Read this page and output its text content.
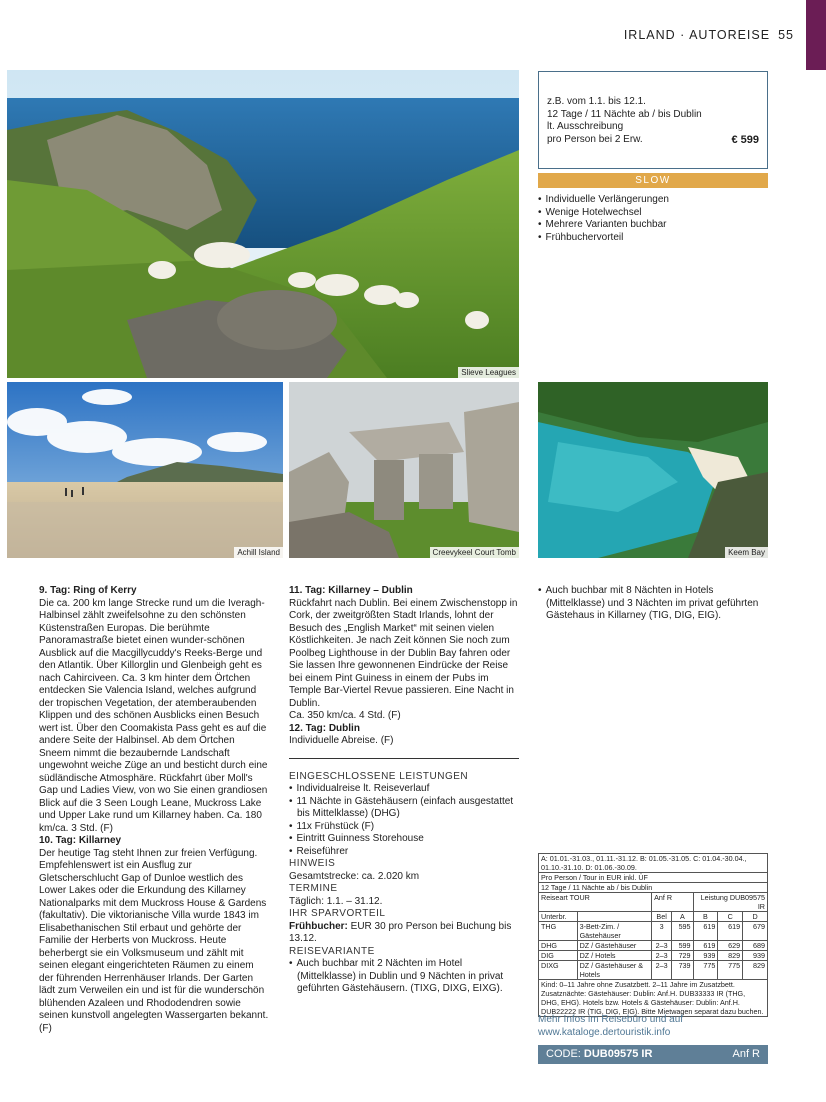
IRLAND · AUTOREISE 55
Slieve Leagues
Achill Island	Creevykeel Court Tomb	Keem Bay
z.B. vom 1.1. bis 12.1.
12 Tage / 11 Nächte ab / bis Dublin
lt. Ausschreibung
pro Person bei 2 Erw.	€ 599
SLOW
• Individuelle Verlängerungen
• Wenige Hotelwechsel
• Mehrere Varianten buchbar
• Frühbuchervorteil
9. Tag: Ring of Kerry

Die ca. 200 km lange Strecke rund um die Iveragh-Halbinsel zählt zweifelsohne zu den schönsten Küstenstraßen Europas. Die berühmte Panoramastraße bietet einen wunder-schönen Ausblick auf die Macgillycuddy's Reeks-Berge und den Atlantik. Über Killorglin und Glenbeigh geht es nach Cahirciveen. Ca. 3 km hinter dem Örtchen entdecken Sie Valencia Island, welches aufgrund der tropischen Vegetation, der atemberaubenden Klippen und des schönen Ausblicks einen Besuch wert ist. Über den Coomakista Pass geht es auf die andere Seite der Halbinsel. Ab dem Örtchen Sneem nimmt die bezaubernde Landschaft ungewohnt weiche Züge an und besticht durch eine südländische Atmosphäre. Rückfahrt über Moll's Gap und Ladies View, von wo Sie einen grandiosen Blick auf die 3 Seen Lough Leane, Muckross Lake und Upper Lake rund um Killarney haben. Ca. 180 km/ca. 3 Std. (F)

10. Tag: Killarney

Der heutige Tag steht Ihnen zur freien Verfügung. Empfehlenswert ist ein Ausflug zur Gletscherschlucht Gap of Dunloe westlich des Lower Lakes oder die Erkundung des Killarney Nationalparks mit dem Muckross House & Gardens (fakultativ). Die viktorianische Villa wurde 1843 im Elisabethanischen Stil erbaut und gehörte der Familie der Herberts von Muckross. Heute beherbergt sie ein Volksmuseum und zählt mit seinen elegant eingerichteten Räumen zu einem der führenden Herrenhäuser Irlands. Der Garten lädt zum Verweilen ein und ist für die wunderschön blühenden Azaleen und Rhododendren sowie seinen kunstvoll angelegten Wassergarten bekannt. (F)

11. Tag: Killarney – Dublin

Rückfahrt nach Dublin. Bei einem Zwischenstopp in Cork, der zweitgrößten Stadt Irlands, lohnt der Besuch des „English Market“ mit seinen vielen Köstlichkeiten. Je nach Zeit können Sie noch zum Poolbeg Lighthouse in der Dublin Bay fahren oder Sie lassen Ihre gewonnenen Eindrücke der Reise bei einem Pint Guiness in einem der Pubs im Temple Bar-Viertel Revue passieren. Eine Nacht in Dublin.

Ca. 350 km/ca. 4 Std. (F)

12. Tag: Dublin

Individuelle Abreise. (F)

EINGESCHLOSSENE LEISTUNGEN

• Individualreise lt. Reiseverlauf
• 11 Nächte in Gästehäusern (einfach ausgestattet bis Mittelklasse) (DHG)
• 11x Frühstück (F)
• Eintritt Guinness Storehouse
• Reiseführer

HINWEIS

Gesamtstrecke: ca. 2.020 km

TERMINE

Täglich: 1.1. – 31.12.

IHR SPARVORTEIL

Frühbucher: EUR 30 pro Person bei Buchung bis 13.12.

REISEVARIANTE

• Auch buchbar mit 2 Nächten im Hotel (Mittelklasse) in Dublin und 9 Nächten in privat geführten Gästehäusern. (TIXG, DIXG, EIXG).
• Auch buchbar mit 8 Nächten in Hotels (Mittelklasse) und 3 Nächten im privat geführten Gästehaus in Killarney (TIG, DIG, EIG).
A: 01.01.-31.03., 01.11.-31.12. B: 01.05.-31.05. C: 01.04.-30.04., 01.10.-31.10. D: 01.06.-30.09.						
Pro Person / Tour in EUR inkl. ÜF						
12 Tage / 11 Nächte ab / bis Dublin						
Reiseart TOUR		Anf R		Leistung DUB09575 IR		
Unterbr.		Bel	A	B	C	D
THG	3-Bett-Zim. / Gästehäuser	3	595	619	619	679
DHG	DZ / Gästehäuser	2–3	599	619	629	689
DIG	DZ / Hotels	2–3	729	939	829	939
DIXG	DZ / Gästehäuser & Hotels	2–3	739	775	775	829
Kind: 0–11 Jahre ohne Zusatzbett. 2–11 Jahre im Zusatzbett. Zusatznächte: Gästehäuser: Dublin: Anf.H. DUB33333 IR (THG, DHG, EHG). Hotels bzw. Hotels & Gästehäuser: Dublin: Anf.H. DUB22222 IR (TIG, DIG, EIG). Bitte Mietwagen separat dazu buchen.						
Mehr Infos im Reisebüro und auf
www.kataloge.dertouristik.info
CODE: DUB09575 IR	Anf R
